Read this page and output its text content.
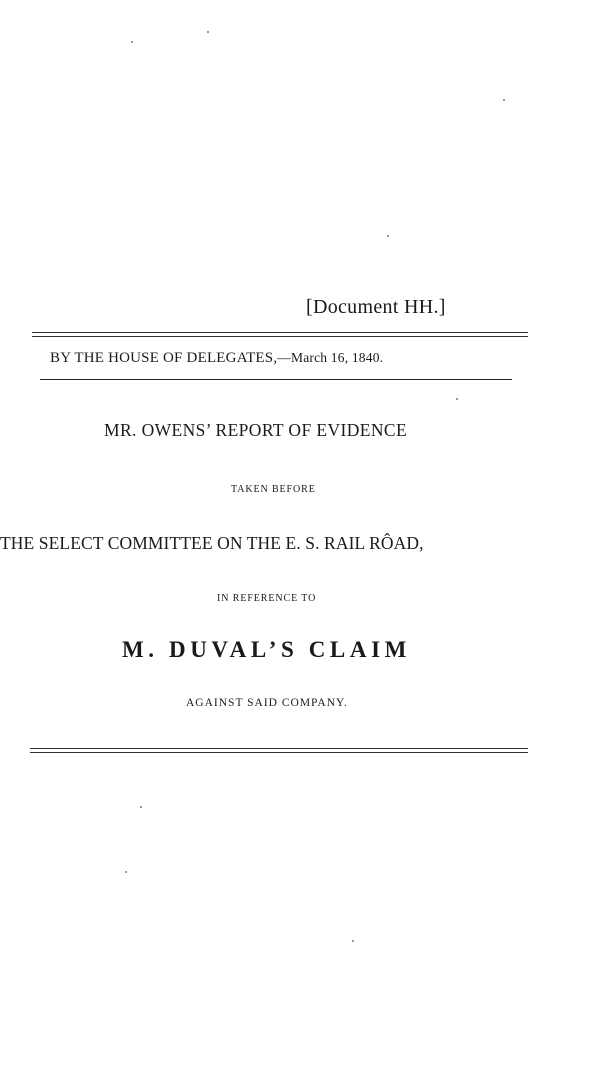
[Document HH.]
BY THE HOUSE OF DELEGATES,—March 16, 1840.
MR. OWENS’ REPORT OF EVIDENCE
TAKEN BEFORE
THE SELECT COMMITTEE ON THE E. S. RAIL RÔAD,
IN REFERENCE TO
M. DUVAL’S CLAIM
AGAINST SAID COMPANY.
